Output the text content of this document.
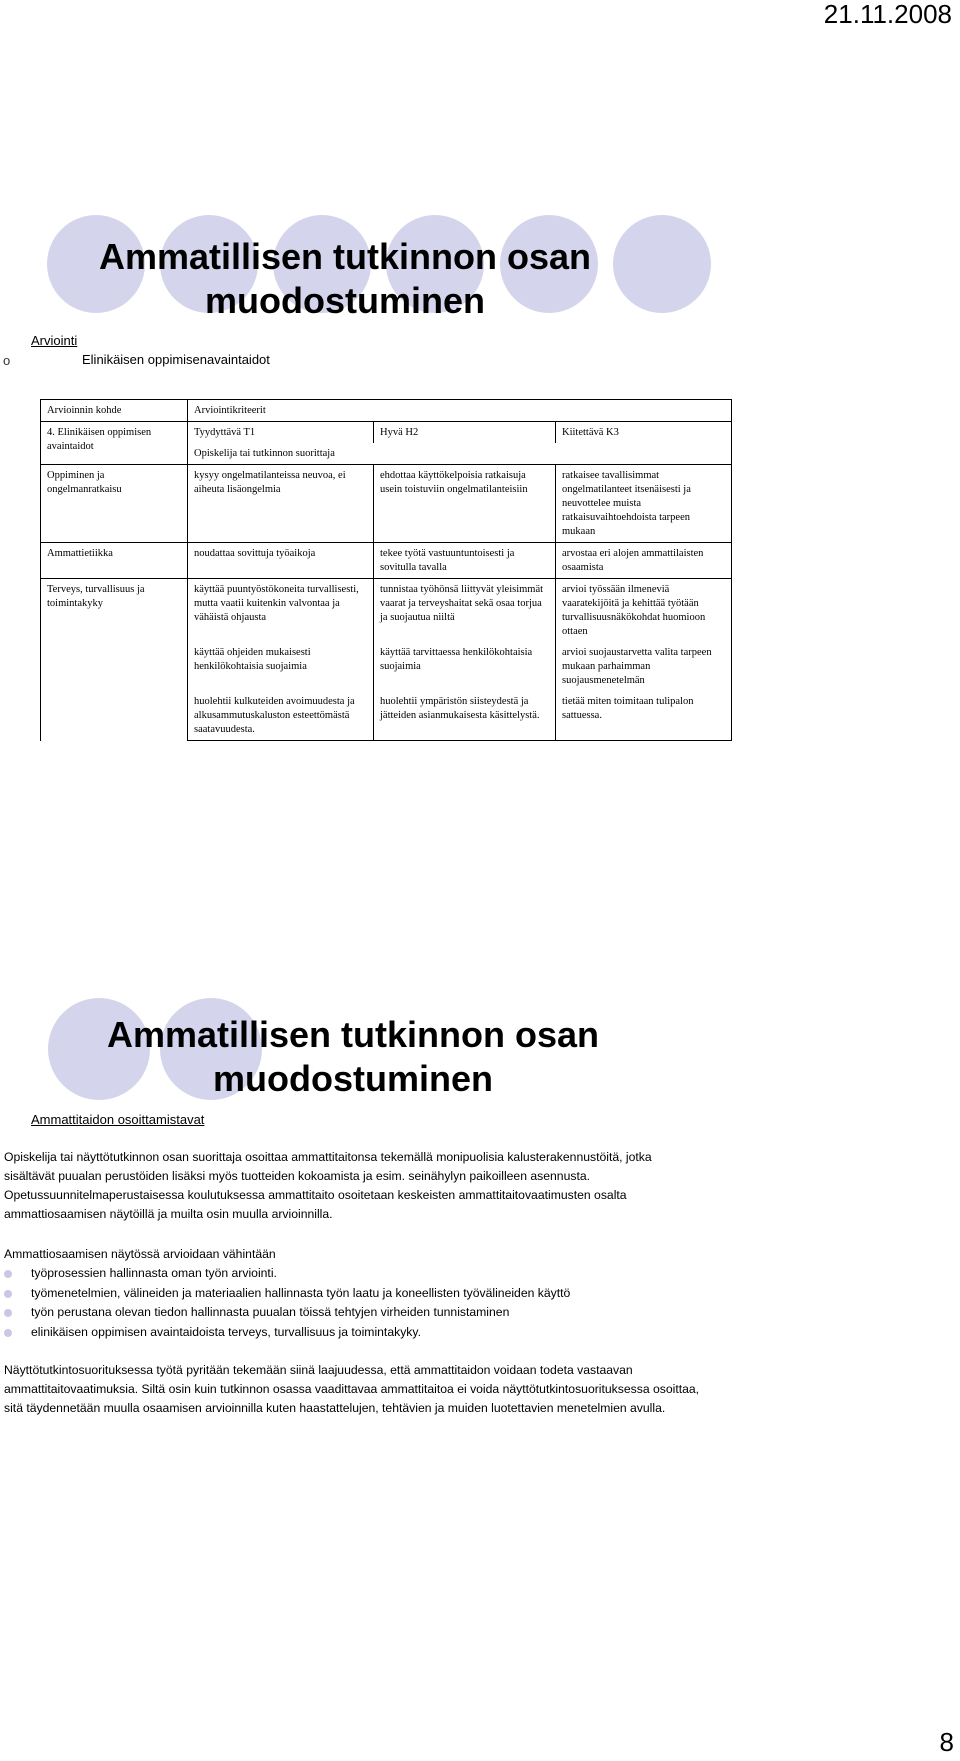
21.11.2008
Ammatillisen tutkinnon osan
muodostuminen
Arviointi
o	Elinikäisen oppimisenavaintaidot
Arvioinnin kohde	Arviointikriteerit		
4. Elinikäisen oppimisen avaintaidot	Tyydyttävä T1	Hyvä H2	Kiitettävä K3
	Opiskelija tai tutkinnon suorittaja		
Oppiminen ja ongelmanratkaisu	kysyy ongelmatilanteissa neuvoa, ei aiheuta lisäongelmia	ehdottaa käyttökelpoisia ratkaisuja usein toistuviin ongelmatilanteisiin	ratkaisee tavallisimmat ongelmatilanteet itsenäisesti ja neuvottelee muista ratkaisuvaihtoehdoista tarpeen mukaan
Ammattietiikka	noudattaa sovittuja työaikoja	tekee työtä vastuuntuntoisesti ja sovitulla tavalla	arvostaa eri alojen ammattilaisten osaamista
Terveys, turvallisuus ja toimintakyky	käyttää puuntyöstökoneita turvallisesti, mutta vaatii kuitenkin valvontaa ja vähäistä ohjausta	tunnistaa työhönsä liittyvät yleisimmät vaarat ja terveyshaitat sekä osaa torjua ja suojautua niiltä	arvioi työssään ilmeneviä vaaratekijöitä ja kehittää työtään turvallisuusnäkökohdat huomioon ottaen
	käyttää ohjeiden mukaisesti henkilökohtaisia suojaimia	käyttää tarvittaessa henkilökohtaisia suojaimia	arvioi suojaustarvetta valita tarpeen mukaan parhaimman suojausmenetelmän
	huolehtii kulkuteiden avoimuudesta ja alkusammutuskaluston esteettömästä saatavuudesta.	huolehtii ympäristön siisteydestä ja jätteiden asianmukaisesta käsittelystä.	tietää miten toimitaan tulipalon sattuessa.
Ammatillisen tutkinnon osan
muodostuminen
Ammattitaidon osoittamistavat
Opiskelija tai näyttötutkinnon osan suorittaja osoittaa ammattitaitonsa tekemällä monipuolisia kalusterakennustöitä, jotka sisältävät puualan perustöiden lisäksi myös tuotteiden kokoamista ja esim. seinähylyn paikoilleen asennusta.
Opetussuunnitelmaperustaisessa koulutuksessa ammattitaito osoitetaan keskeisten ammattitaitovaatimusten osalta ammattiosaamisen näytöillä ja muilta osin muulla arvioinnilla.
Ammattiosaamisen näytössä arvioidaan vähintään
työprosessien hallinnasta oman työn arviointi.
työmenetelmien, välineiden ja materiaalien hallinnasta työn laatu ja koneellisten työvälineiden käyttö
työn perustana olevan tiedon hallinnasta puualan töissä tehtyjen virheiden tunnistaminen
elinikäisen oppimisen avaintaidoista terveys, turvallisuus ja toimintakyky.
Näyttötutkintosuorituksessa työtä pyritään tekemään siinä laajuudessa, että ammattitaidon voidaan todeta vastaavan ammattitaitovaatimuksia. Siltä osin kuin tutkinnon osassa vaadittavaa ammattitaitoa ei voida näyttötutkintosuorituksessa osoittaa, sitä täydennetään muulla osaamisen arvioinnilla kuten haastattelujen, tehtävien ja muiden luotettavien menetelmien avulla.
8
